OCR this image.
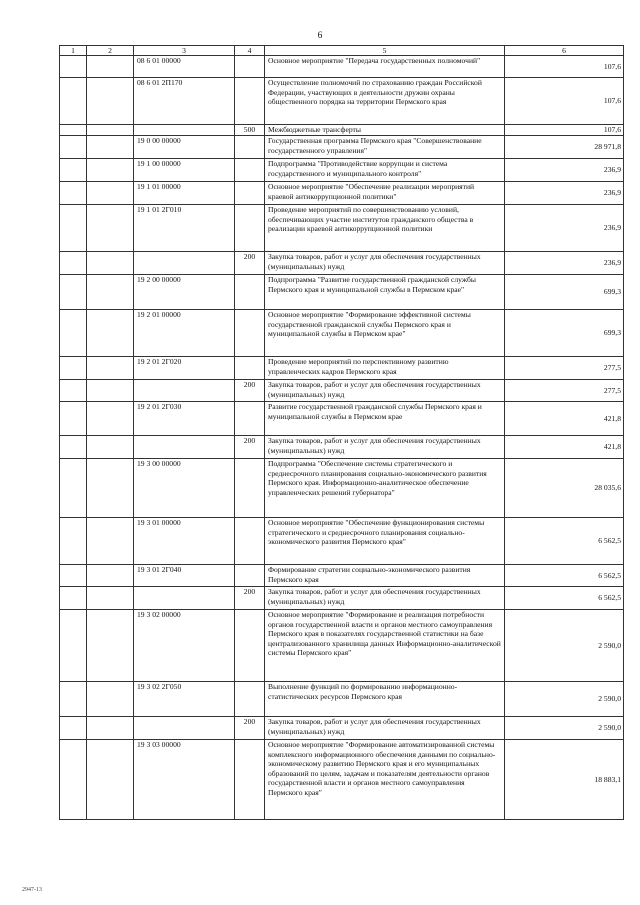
6
1	2	3	4	5	6
		08 6 01 00000		Основное мероприятие "Передача государственных полномочий"	107,6
		08 6 01 2П170		Осуществление полномочий по страхованию граждан Российской Федерации, участвующих в деятельности дружин охраны общественного порядка на территории Пермского края	107,6
			500	Межбюджетные трансферты	107,6
		19 0 00 00000		Государственная программа Пермского края "Совершенствование государственного управления"	28 971,8
		19 1 00 00000		Подпрограмма "Противодействие коррупции и система государственного и муниципального контроля"	236,9
		19 1 01 00000		Основное мероприятие "Обеспечение реализации мероприятий краевой антикоррупционной политики"	236,9
		19 1 01 2Г010		Проведение мероприятий по совершенствованию условий, обеспечивающих участие институтов гражданского общества в реализации краевой антикоррупционной политики	236,9
			200	Закупка товаров, работ и услуг для обеспечения государственных (муниципальных) нужд	236,9
		19 2 00 00000		Подпрограмма "Развитие государственной гражданской службы Пермского края и муниципальной службы в Пермском крае"	699,3
		19 2 01 00000		Основное мероприятие "Формирование эффективной системы государственной гражданской службы Пермского края и муниципальной службы в Пермском крае"	699,3
		19 2 01 2Г020		Проведение мероприятий по перспективному развитию управленческих кадров Пермского края	277,5
			200	Закупка товаров, работ и услуг для обеспечения государственных (муниципальных) нужд	277,5
		19 2 01 2Г030		Развитие государственной гражданской службы Пермского края и муниципальной службы в Пермском крае	421,8
			200	Закупка товаров, работ и услуг для обеспечения государственных (муниципальных) нужд	421,8
		19 3 00 00000		Подпрограмма "Обеспечение системы стратегического и среднесрочного планирования социально-экономического развития Пермского края. Информационно-аналитическое обеспечение управленческих решений губернатора"	28 035,6
		19 3 01 00000		Основное мероприятие "Обеспечение функционирования системы стратегического и среднесрочного планирования социально-экономического развития Пермского края"	6 562,5
		19 3 01 2Г040		Формирование стратегии социально-экономического развития Пермского края	6 562,5
			200	Закупка товаров, работ и услуг для обеспечения государственных (муниципальных) нужд	6 562,5
		19 3 02 00000		Основное мероприятие "Формирование и реализация потребности органов государственной власти и органов местного самоуправления Пермского края в показателях государственной статистики на базе централизованного хранилища данных Информационно-аналитической системы Пермского края"	2 590,0
		19 3 02 2Г050		Выполнение функций по формированию информационно-статистических ресурсов Пермского края	2 590,0
			200	Закупка товаров, работ и услуг для обеспечения государственных (муниципальных) нужд	2 590,0
		19 3 03 00000		Основное мероприятие "Формирование автоматизированной системы комплексного информационного обеспечения данными по социально-экономическому развитию Пермского края и его муниципальных образований по целям, задачам и показателям деятельности органов государственной власти и органов местного самоуправления Пермского края"	18 883,1
2947-13
